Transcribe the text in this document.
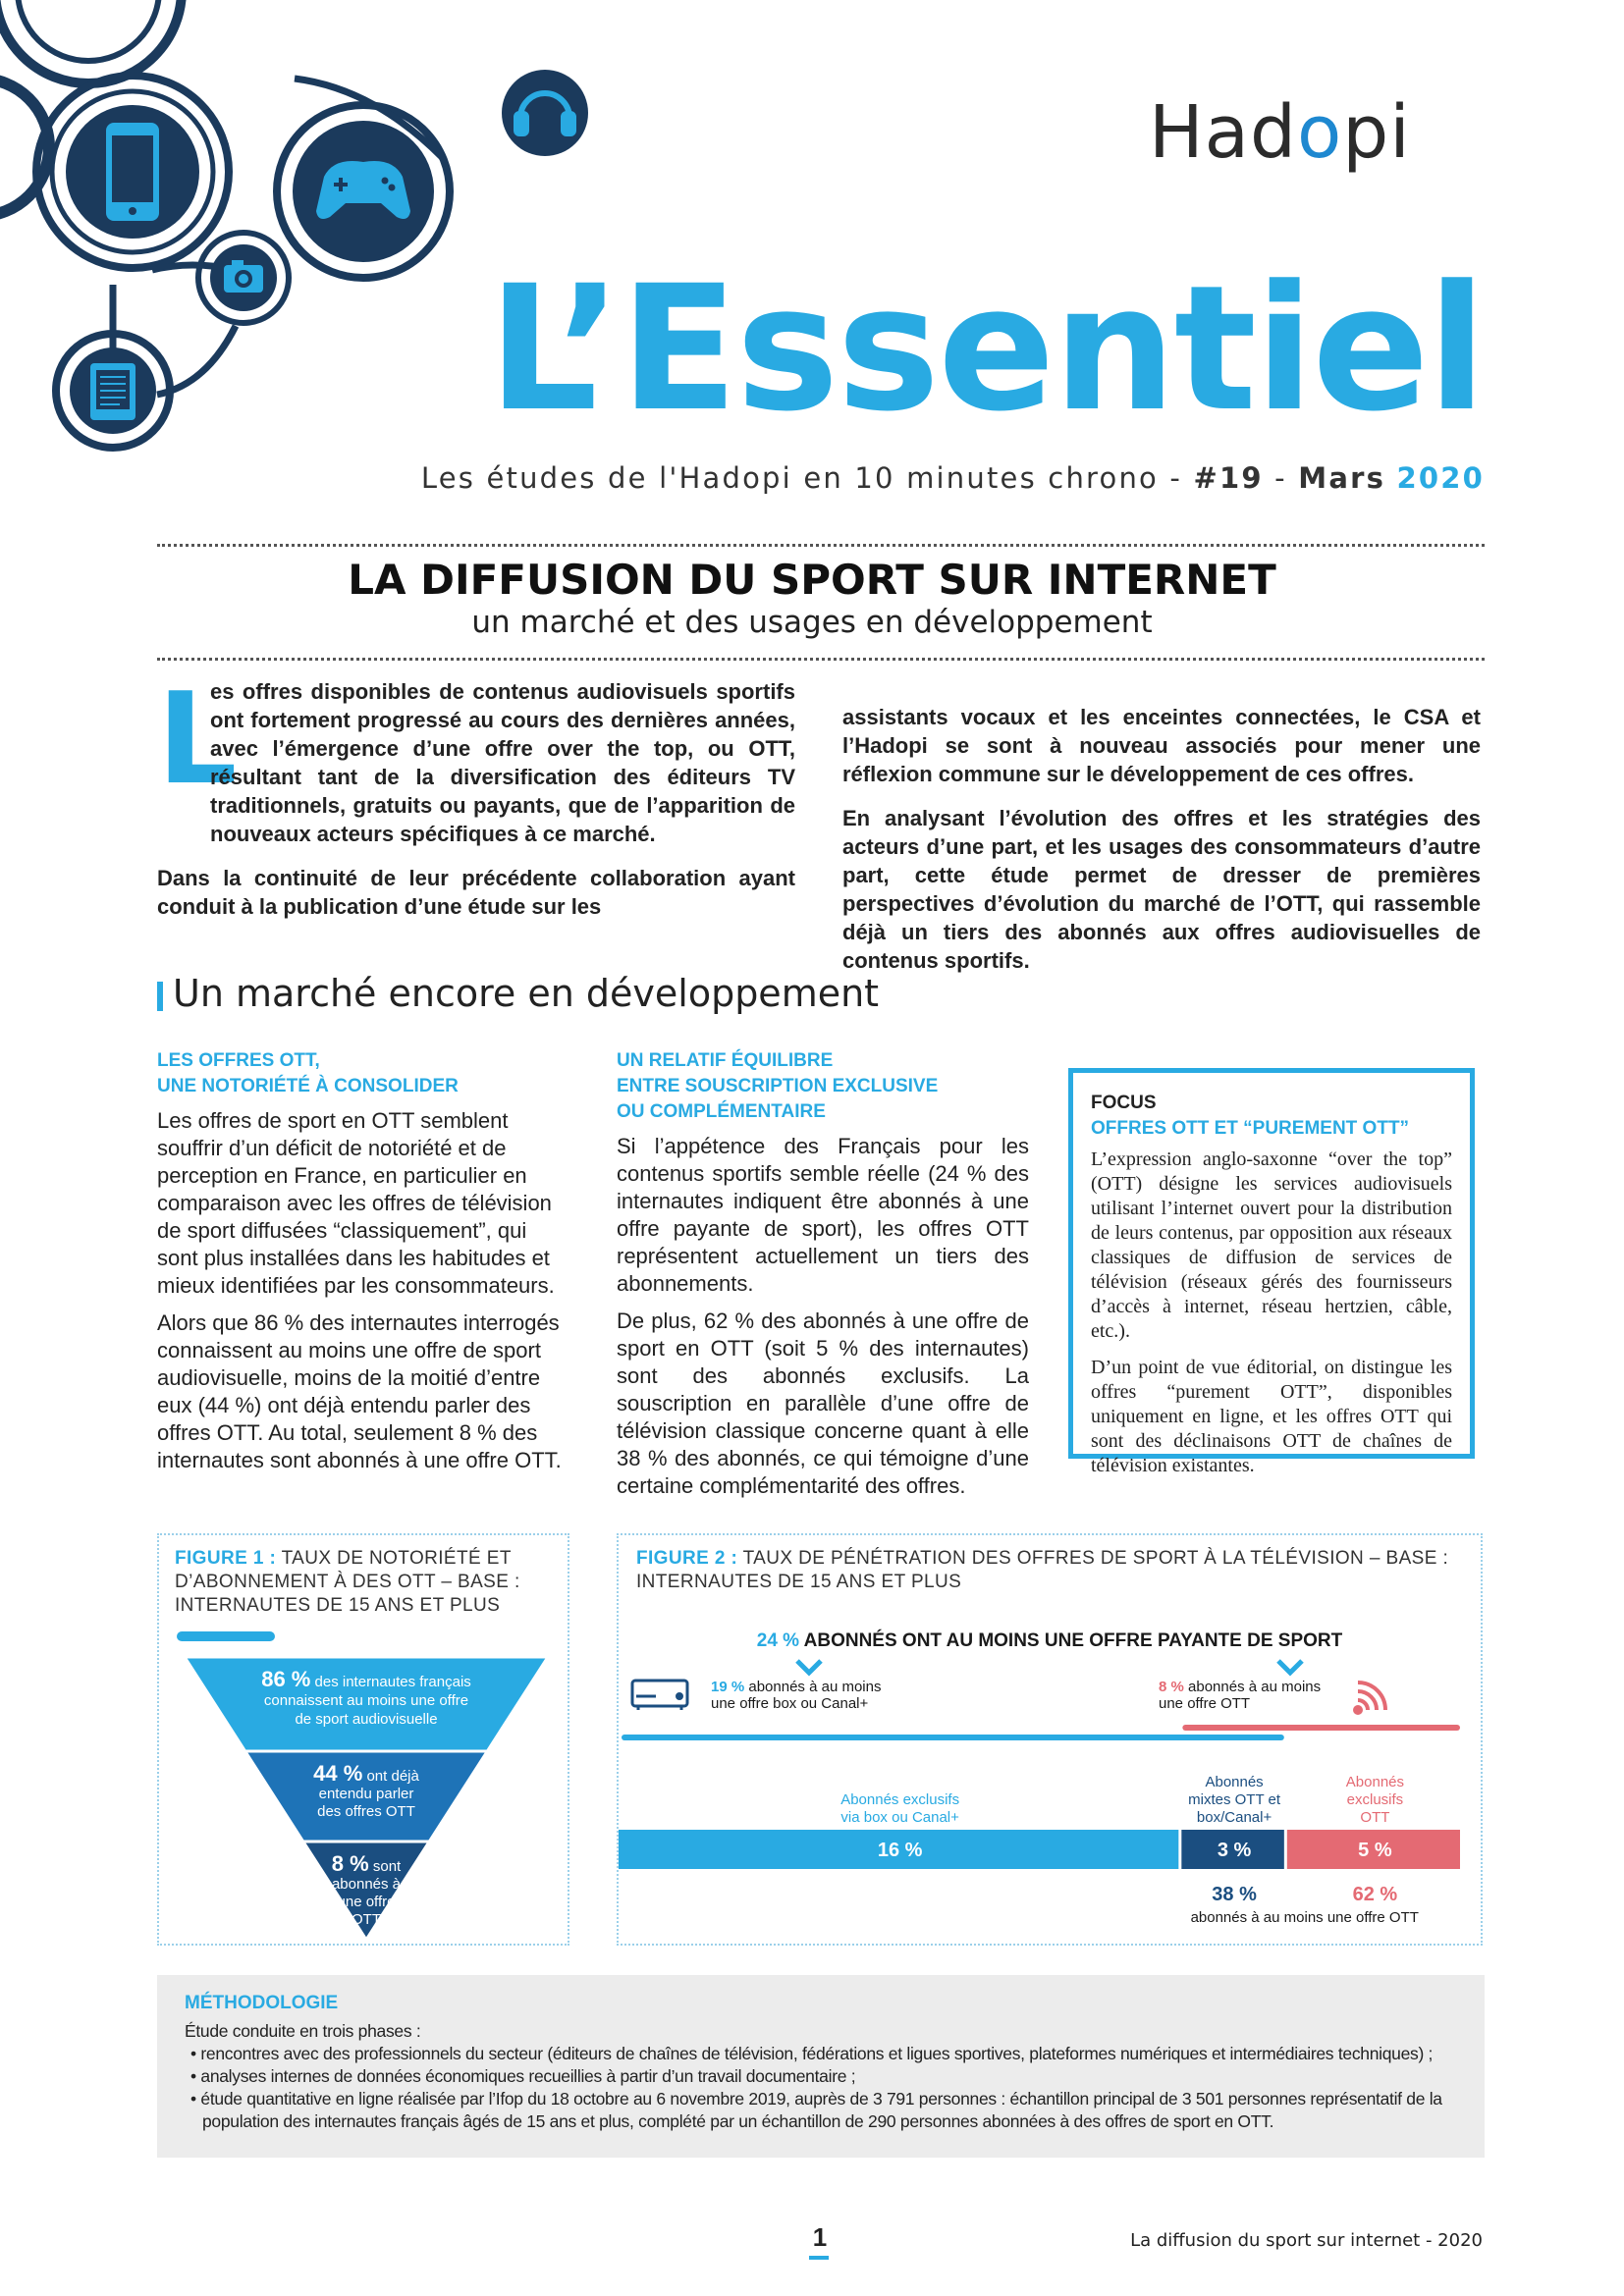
Hadopi
L’Essentiel
Les études de l'Hadopi en 10 minutes chrono - #19 - Mars 2020
LA DIFFUSION DU SPORT SUR INTERNET
un marché et des usages en développement
L

es offres disponibles de contenus audiovisuels sportifs ont fortement progressé au cours des dernières années, avec l’émergence d’une offre over the top, ou OTT, résultant tant de la diversification des éditeurs TV traditionnels, gratuits ou payants, que de l’apparition de nouveaux acteurs spécifiques à ce marché.

Dans la continuité de leur précédente collaboration ayant conduit à la publication d’une étude sur les

assistants vocaux et les enceintes connectées, le CSA et l’Hadopi se sont à nouveau associés pour mener une réflexion commune sur le développement de ces offres.

En analysant l’évolution des offres et les stratégies des acteurs d’une part, et les usages des consommateurs d’autre part, cette étude permet de dresser de premières perspectives d’évolution du marché de l’OTT, qui rassemble déjà un tiers des abonnés aux offres audiovisuelles de contenus sportifs.

Un marché encore en développement
LES OFFRES OTT,
UNE NOTORIÉTÉ À CONSOLIDER

Les offres de sport en OTT semblent souffrir d’un déficit de notoriété et de perception en France, en particulier en comparaison avec les offres de télévision de sport diffusées “classiquement”, qui sont plus installées dans les habitudes et mieux identifiées par les consommateurs.

Alors que 86 % des internautes interrogés connaissent au moins une offre de sport audiovisuelle, moins de la moitié d’entre eux (44 %) ont déjà entendu parler des offres OTT. Au total, seulement 8 % des internautes sont abonnés à une offre OTT.

UN RELATIF ÉQUILIBRE
ENTRE SOUSCRIPTION EXCLUSIVE
OU COMPLÉMENTAIRE

Si l’appétence des Français pour les contenus sportifs semble réelle (24 % des internautes indiquent être abonnés à une offre payante de sport), les offres OTT représentent actuellement un tiers des abonnements.

De plus, 62 % des abonnés à une offre de sport en OTT (soit 5 % des internautes) sont des abonnés exclusifs. La souscription en parallèle d’une offre de télévision classique concerne quant à elle 38 % des abonnés, ce qui témoigne d’une certaine complémentarité des offres.

FOCUS
OFFRES OTT ET “PUREMENT OTT”

L’expression anglo-saxonne “over the top” (OTT) désigne les services audiovisuels utilisant l’internet ouvert pour la distribution de leurs contenus, par opposition aux réseaux classiques de diffusion de services de télévision (réseaux gérés des fournisseurs d’accès à internet, réseau hertzien, câble, etc.).

D’un point de vue éditorial, on distingue les offres “purement OTT”, disponibles uniquement en ligne, et les offres OTT qui sont des déclinaisons OTT de chaînes de télévision existantes.

FIGURE 1 : TAUX DE NOTORIÉTÉ ET D’ABONNEMENT À DES OTT – BASE : INTERNAUTES DE 15 ANS ET PLUS
86 % des internautes français
connaissent au moins une offre
de sport audiovisuelle
44 % ont déjà
entendu parler
des offres OTT
8 % sont
abonnés à
une offre
OTT
FIGURE 2 : TAUX DE PÉNÉTRATION DES OFFRES DE SPORT À LA TÉLÉVISION – BASE : INTERNAUTES DE 15 ANS ET PLUS
24 % ABONNÉS ONT AU MOINS UNE OFFRE PAYANTE DE SPORT
19 % abonnés à au moins
une offre box ou Canal+
8 % abonnés à au moins
une offre OTT
Abonnés exclusifs
via box ou Canal+
Abonnés
mixtes OTT et
box/Canal+
Abonnés
exclusifs
OTT
16 %	3 %	5 %
38 %	62 %
abonnés à au moins une offre OTT
MÉTHODOLOGIE
Étude conduite en trois phases :
• rencontres avec des professionnels du secteur (éditeurs de chaînes de télévision, fédérations et ligues sportives, plateformes numériques et intermédiaires techniques) ;
• analyses internes de données économiques recueillies à partir d’un travail documentaire ;
• étude quantitative en ligne réalisée par l’Ifop du 18 octobre au 6 novembre 2019, auprès de 3 791 personnes : échantillon principal de 3 501 personnes représentatif de la population des internautes français âgés de 15 ans et plus, complété par un échantillon de 290 personnes abonnées à des offres de sport en OTT.
1	La diffusion du sport sur internet - 2020
